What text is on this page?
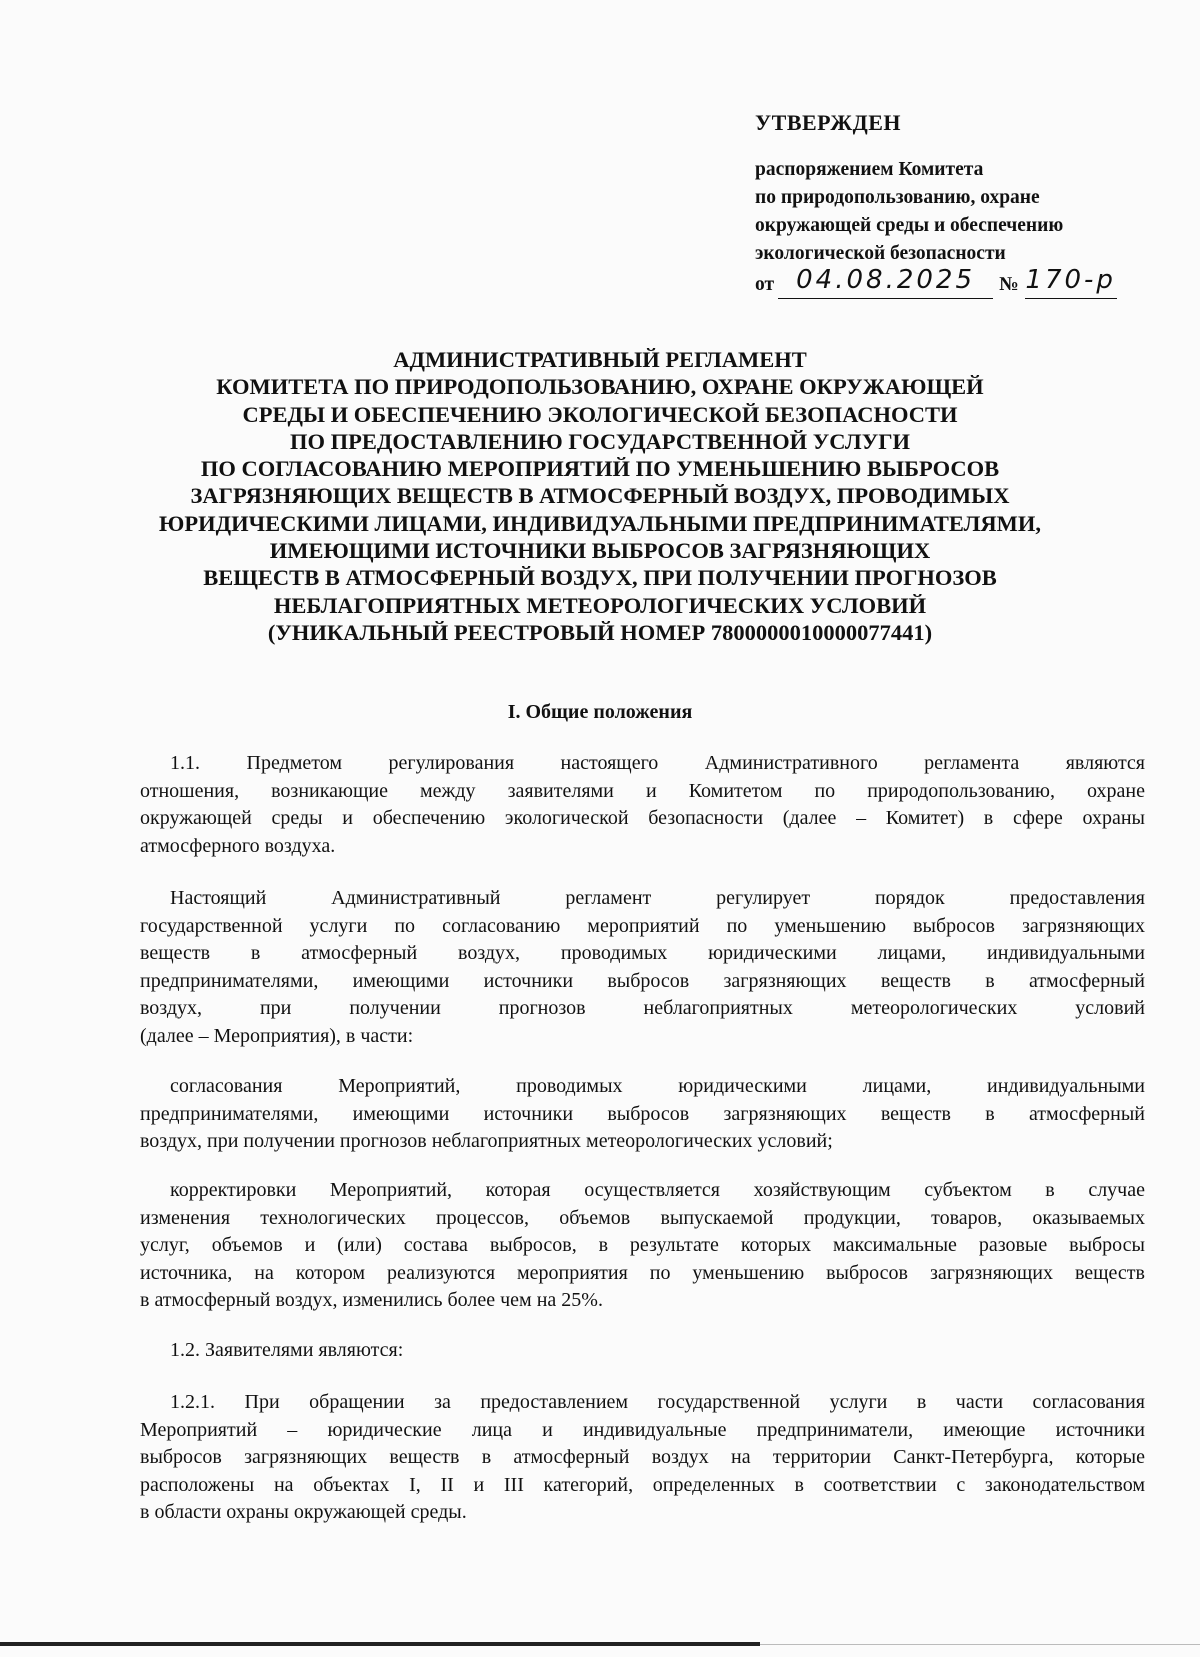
УТВЕРЖДЕН
распоряжением Комитета
по природопользованию, охране
окружающей среды и обеспечению
экологической безопасности
от 04.08.2025 № 170-р
АДМИНИСТРАТИВНЫЙ РЕГЛАМЕНТ
КОМИТЕТА ПО ПРИРОДОПОЛЬЗОВАНИЮ, ОХРАНЕ ОКРУЖАЮЩЕЙ
СРЕДЫ И ОБЕСПЕЧЕНИЮ ЭКОЛОГИЧЕСКОЙ БЕЗОПАСНОСТИ
ПО ПРЕДОСТАВЛЕНИЮ ГОСУДАРСТВЕННОЙ УСЛУГИ
ПО СОГЛАСОВАНИЮ МЕРОПРИЯТИЙ ПО УМЕНЬШЕНИЮ ВЫБРОСОВ
ЗАГРЯЗНЯЮЩИХ ВЕЩЕСТВ В АТМОСФЕРНЫЙ ВОЗДУХ, ПРОВОДИМЫХ
ЮРИДИЧЕСКИМИ ЛИЦАМИ, ИНДИВИДУАЛЬНЫМИ ПРЕДПРИНИМАТЕЛЯМИ,
ИМЕЮЩИМИ ИСТОЧНИКИ ВЫБРОСОВ ЗАГРЯЗНЯЮЩИХ
ВЕЩЕСТВ В АТМОСФЕРНЫЙ ВОЗДУХ, ПРИ ПОЛУЧЕНИИ ПРОГНОЗОВ
НЕБЛАГОПРИЯТНЫХ МЕТЕОРОЛОГИЧЕСКИХ УСЛОВИЙ
(УНИКАЛЬНЫЙ РЕЕСТРОВЫЙ НОМЕР 7800000010000077441)
I. Общие положения
1.1. Предметом регулирования настоящего Административного регламента являются
отношения, возникающие между заявителями и Комитетом по природопользованию, охране
окружающей среды и обеспечению экологической безопасности (далее – Комитет) в сфере охраны
атмосферного воздуха.
Настоящий Административный регламент регулирует порядок предоставления
государственной услуги по согласованию мероприятий по уменьшению выбросов загрязняющих
веществ в атмосферный воздух, проводимых юридическими лицами, индивидуальными
предпринимателями, имеющими источники выбросов загрязняющих веществ в атмосферный
воздух, при получении прогнозов неблагоприятных метеорологических условий
(далее – Мероприятия), в части:
согласования Мероприятий, проводимых юридическими лицами, индивидуальными
предпринимателями, имеющими источники выбросов загрязняющих веществ в атмосферный
воздух, при получении прогнозов неблагоприятных метеорологических условий;
корректировки Мероприятий, которая осуществляется хозяйствующим субъектом в случае
изменения технологических процессов, объемов выпускаемой продукции, товаров, оказываемых
услуг, объемов и (или) состава выбросов, в результате которых максимальные разовые выбросы
источника, на котором реализуются мероприятия по уменьшению выбросов загрязняющих веществ
в атмосферный воздух, изменились более чем на 25%.
1.2. Заявителями являются:
1.2.1. При обращении за предоставлением государственной услуги в части согласования
Мероприятий – юридические лица и индивидуальные предприниматели, имеющие источники
выбросов загрязняющих веществ в атмосферный воздух на территории Санкт-Петербурга, которые
расположены на объектах I, II и III категорий, определенных в соответствии с законодательством
в области охраны окружающей среды.
